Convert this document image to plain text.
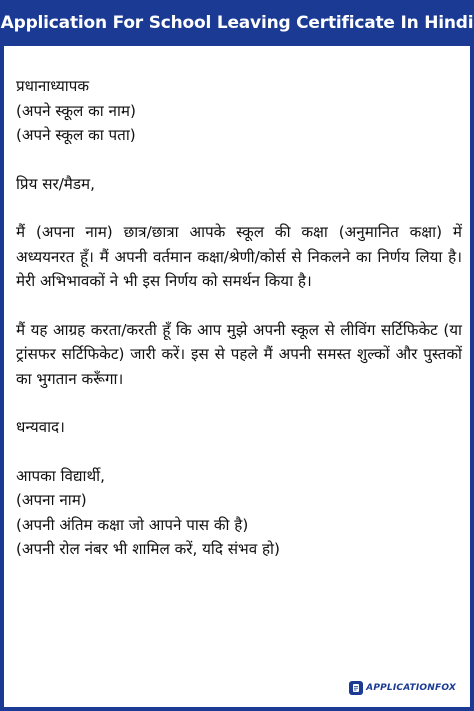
Application For School Leaving Certificate In Hindi
प्रधानाध्यापक
(अपने स्कूल का नाम)
(अपने स्कूल का पता)
प्रिय सर/मैडम,
मैं (अपना नाम) छात्र/छात्रा आपके स्कूल की कक्षा (अनुमानित कक्षा) में अध्ययनरत हूँ। मैं अपनी वर्तमान कक्षा/श्रेणी/कोर्स से निकलने का निर्णय लिया है। मेरी अभिभावकों ने भी इस निर्णय को समर्थन किया है।
मैं यह आग्रह करता/करती हूँ कि आप मुझे अपनी स्कूल से लीविंग सर्टिफिकेट (या ट्रांसफर सर्टिफिकेट) जारी करें। इस से पहले मैं अपनी समस्त शुल्कों और पुस्तकों का भुगतान करूँगा।
धन्यवाद।
आपका विद्यार्थी,
(अपना नाम)
(अपनी अंतिम कक्षा जो आपने पास की है)
(अपनी रोल नंबर भी शामिल करें, यदि संभव हो)
APPLICATIONFOX
